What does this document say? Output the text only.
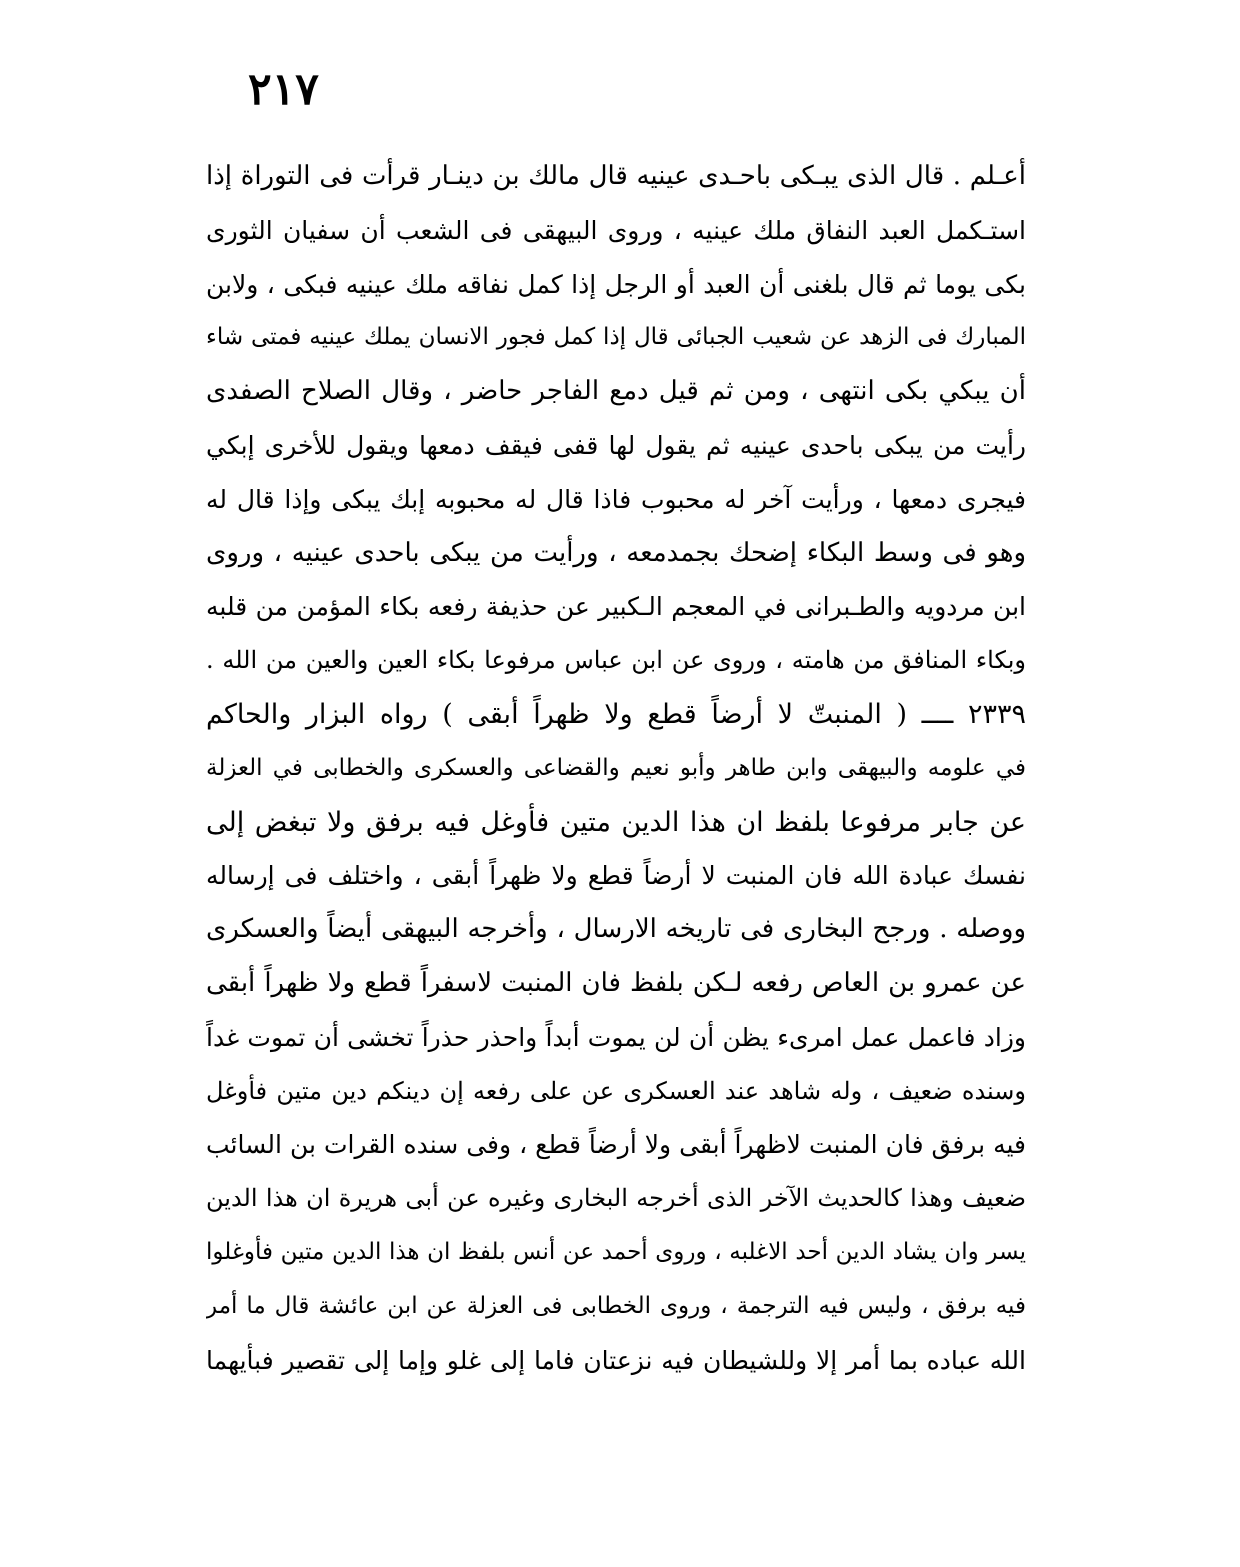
٢١٧
أعـلم . قال الذى يبـكى باحـدى عينيه قال مالك بن دينـار قرأت فى التوراة إذا
استـكمل العبد النفاق ملك عينيه ، وروى البيهقى فى الشعب أن سفيان الثورى
بكى يوما ثم قال بلغنى أن العبد أو الرجل إذا كمل نفاقه ملك عينيه فبكى ، ولابن
المبارك فى الزهد عن شعيب الجبائى قال إذا كمل فجور الانسان يملك عينيه فمتى شاء
أن يبكي بكى انتهى ، ومن ثم قيل دمع الفاجر حاضر ، وقال الصلاح الصفدى
رأيت من يبكى باحدى عينيه ثم يقول لها قفى فيقف دمعها ويقول للأخرى إبكي
فيجرى دمعها ، ورأيت آخر له محبوب فاذا قال له محبوبه إبك يبكى وإذا قال له
وهو فى وسط البكاء إضحك بجمدمعه ، ورأيت من يبكى باحدى عينيه ، وروى
ابن مردويه والطـبرانى في المعجم الـكبير عن حذيفة رفعه بكاء المؤمن من قلبه
وبكاء المنافق من هامته ، وروى عن ابن عباس مرفوعا بكاء العين والعين من الله .
٢٣٣٩ ــــ ( المنبتّ لا أرضاً قطع ولا ظهراً أبقى ) رواه البزار والحاكم
في علومه والبيهقى وابن طاهر وأبو نعيم والقضاعى والعسكرى والخطابى في العزلة
عن جابر مرفوعا بلفظ ان هذا الدين متين فأوغل فيه برفق ولا تبغض إلى
نفسك عبادة الله فان المنبت لا أرضاً قطع ولا ظهراً أبقى ، واختلف فى إرساله
ووصله . ورجح البخارى فى تاريخه الارسال ، وأخرجه البيهقى أيضاً والعسكرى
عن عمرو بن العاص رفعه لـكن بلفظ فان المنبت لاسفراً قطع ولا ظهراً أبقى
وزاد فاعمل عمل امرىء يظن أن لن يموت أبداً واحذر حذراً تخشى أن تموت غداً
وسنده ضعيف ، وله شاهد عند العسكرى عن على رفعه إن دينكم دين متين فأوغل
فيه برفق فان المنبت لاظهراً أبقى ولا أرضاً قطع ، وفى سنده القرات بن السائب
ضعيف وهذا كالحديث الآخر الذى أخرجه البخارى وغيره عن أبى هريرة ان هذا الدين
يسر وان يشاد الدين أحد الاغلبه ، وروى أحمد عن أنس بلفظ ان هذا الدين متين فأوغلوا
فيه برفق ، وليس فيه الترجمة ، وروى الخطابى فى العزلة عن ابن عائشة قال ما أمر
الله عباده بما أمر إلا وللشيطان فيه نزعتان فاما إلى غلو وإما إلى تقصير فبأيهما
